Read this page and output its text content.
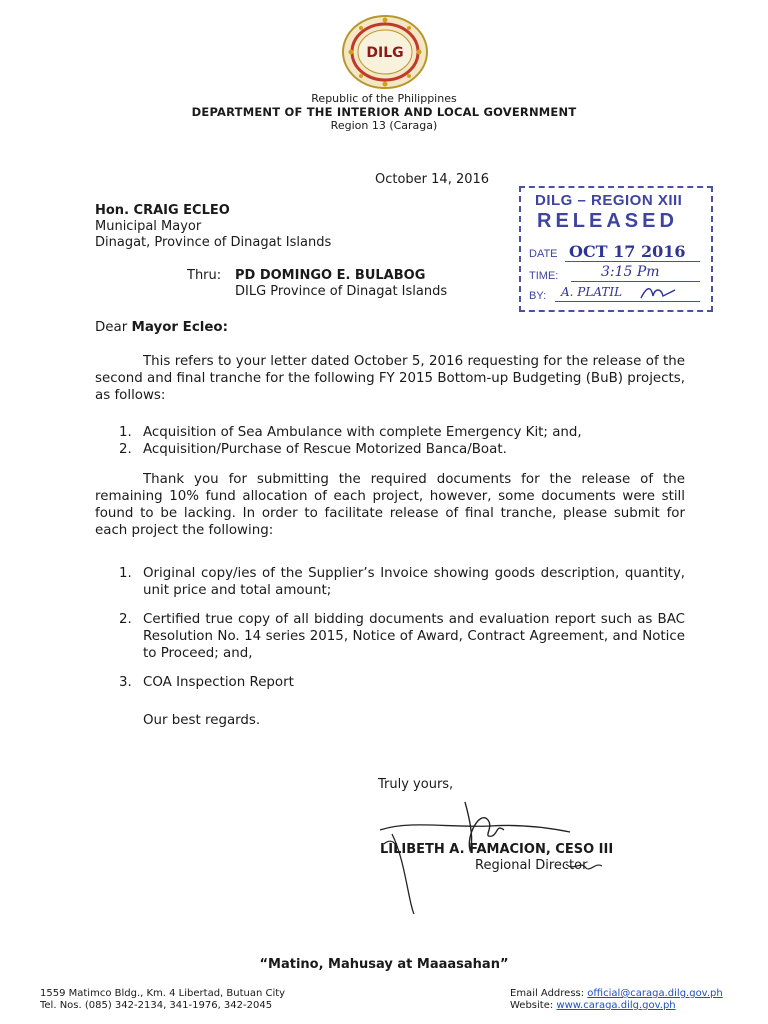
DILG
Republic of the Philippines
DEPARTMENT OF THE INTERIOR AND LOCAL GOVERNMENT
Region 13 (Caraga)
October 14, 2016
Hon. CRAIG ECLEO
Municipal Mayor
Dinagat, Province of Dinagat Islands
Thru: PD DOMINGO E. BULABOG
DILG Province of Dinagat Islands
DILG – REGION XIII
RELEASED
DATE OCT 17 2016
TIME:	3:15 Pm
BY: A. PLATIL
Dear Mayor Ecleo:
This refers to your letter dated October 5, 2016 requesting for the release of the second and final tranche for the following FY 2015 Bottom-up Budgeting (BuB) projects, as follows:
1. Acquisition of Sea Ambulance with complete Emergency Kit; and,
2. Acquisition/Purchase of Rescue Motorized Banca/Boat.
Thank you for submitting the required documents for the release of the remaining 10% fund allocation of each project, however, some documents were still found to be lacking. In order to facilitate release of final tranche, please submit for each project the following:
1. Original copy/ies of the Supplier’s Invoice showing goods description, quantity, unit price and total amount;
2. Certified true copy of all bidding documents and evaluation report such as BAC Resolution No. 14 series 2015, Notice of Award, Contract Agreement, and Notice to Proceed; and,
3. COA Inspection Report
Our best regards.
Truly yours,
LILIBETH A. FAMACION, CESO III
Regional Director
“Matino, Mahusay at Maaasahan”
1559 Matimco Bldg., Km. 4 Libertad, Butuan City
Tel. Nos. (085) 342-2134, 341-1976, 342-2045
Email Address: official@caraga.dilg.gov.ph
Website: www.caraga.dilg.gov.ph
